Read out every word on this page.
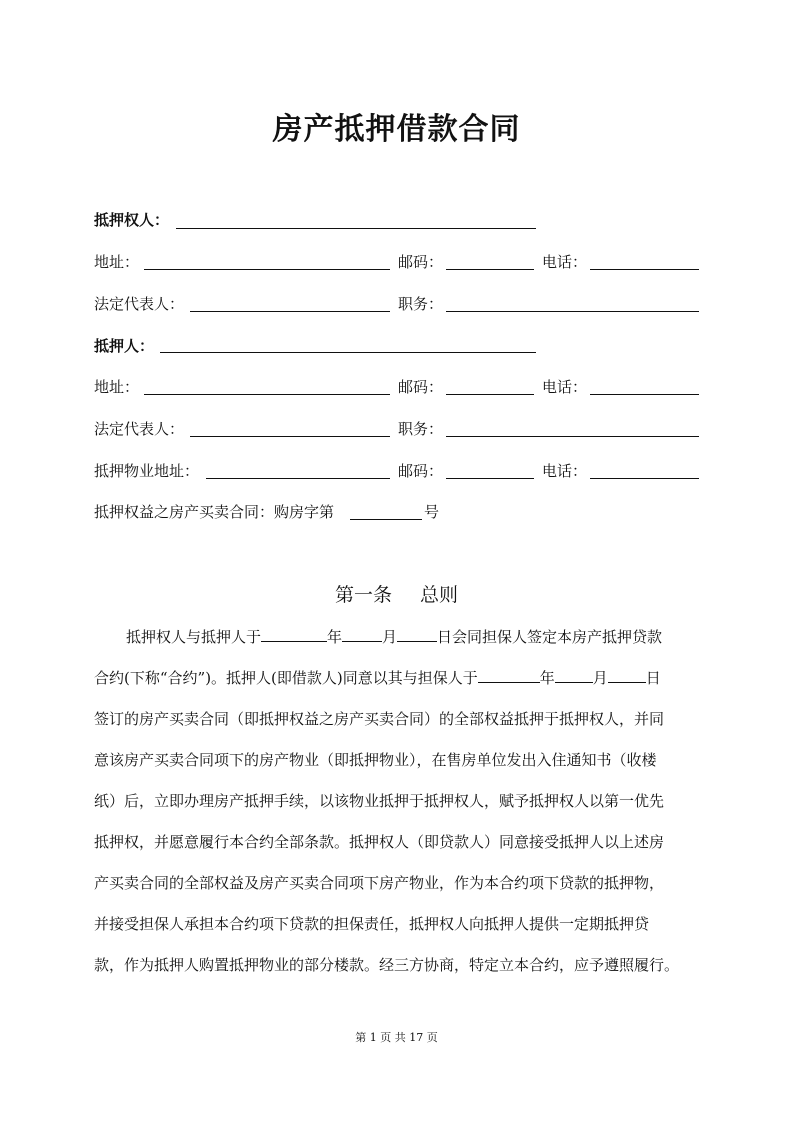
房产抵押借款合同
抵押权人：
地址：	邮码：	电话：
法定代表人：	职务：
抵押人：
地址：	邮码：	电话：
法定代表人：	职务：
抵押物业地址：	邮码：	电话：
抵押权益之房产买卖合同：购房字第	号
第一条 总则
抵押权人与抵押人于	年	月	日会同担保人签定本房产抵押贷款
合约(下称“合约”)。抵押人(即借款人)同意以其与担保人于	年	月	日
签订的房产买卖合同（即抵押权益之房产买卖合同）的全部权益抵押于抵押权人，并同
意该房产买卖合同项下的房产物业（即抵押物业），在售房单位发出入住通知书（收楼
纸）后，立即办理房产抵押手续，以该物业抵押于抵押权人，赋予抵押权人以第一优先
抵押权，并愿意履行本合约全部条款。抵押权人（即贷款人）同意接受抵押人以上述房
产买卖合同的全部权益及房产买卖合同项下房产物业，作为本合约项下贷款的抵押物，
并接受担保人承担本合约项下贷款的担保责任，抵押权人向抵押人提供一定期抵押贷
款，作为抵押人购置抵押物业的部分楼款。经三方协商，特定立本合约，应予遵照履行。
第 1 页 共 17 页
